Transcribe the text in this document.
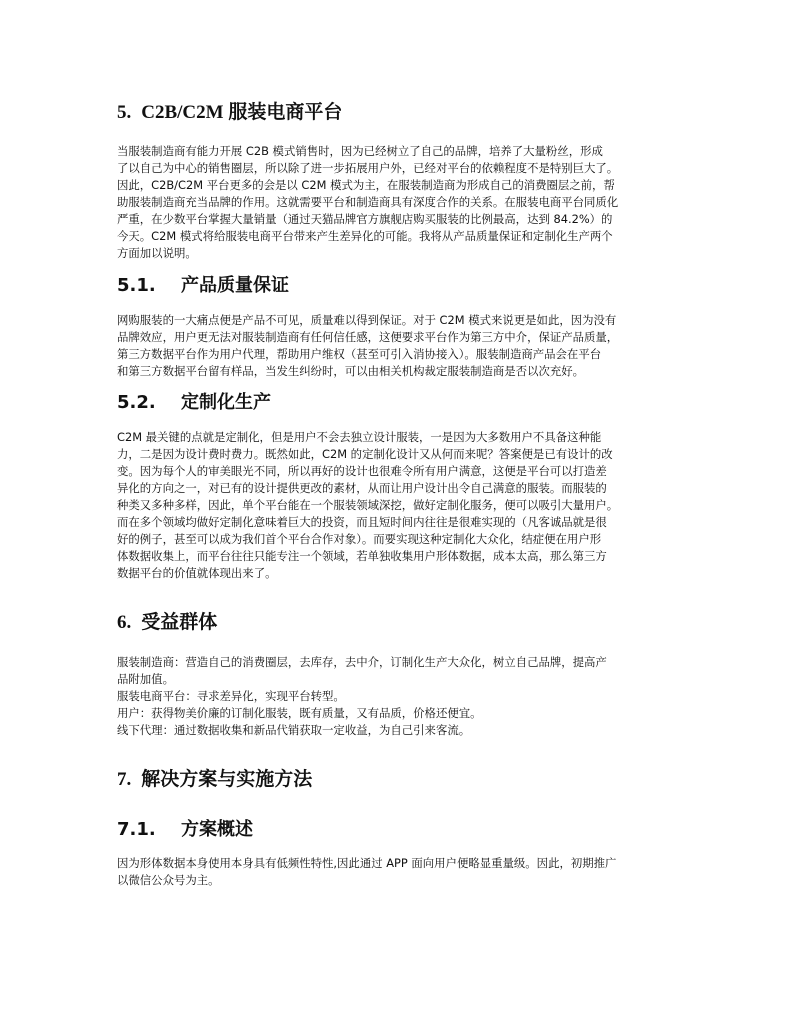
5. C2B/C2M 服装电商平台
当服装制造商有能力开展 C2B 模式销售时，因为已经树立了自己的品牌，培养了大量粉丝，形成
了以自己为中心的销售圈层，所以除了进一步拓展用户外，已经对平台的依赖程度不是特别巨大了。
因此，C2B/C2M 平台更多的会是以 C2M 模式为主，在服装制造商为形成自己的消费圈层之前，帮
助服装制造商充当品牌的作用。这就需要平台和制造商具有深度合作的关系。在服装电商平台同质化
严重，在少数平台掌握大量销量（通过天猫品牌官方旗舰店购买服装的比例最高，达到 84.2%）的
今天。C2M 模式将给服装电商平台带来产生差异化的可能。我将从产品质量保证和定制化生产两个
方面加以说明。
5.1. 产品质量保证
网购服装的一大痛点便是产品不可见，质量难以得到保证。对于 C2M 模式来说更是如此，因为没有
品牌效应，用户更无法对服装制造商有任何信任感，这便要求平台作为第三方中介，保证产品质量，
第三方数据平台作为用户代理，帮助用户维权（甚至可引入消协接入）。服装制造商产品会在平台
和第三方数据平台留有样品，当发生纠纷时，可以由相关机构裁定服装制造商是否以次充好。
5.2. 定制化生产
C2M 最关键的点就是定制化，但是用户不会去独立设计服装，一是因为大多数用户不具备这种能
力，二是因为设计费时费力。既然如此，C2M 的定制化设计又从何而来呢？答案便是已有设计的改
变。因为每个人的审美眼光不同，所以再好的设计也很难令所有用户满意，这便是平台可以打造差
异化的方向之一，对已有的设计提供更改的素材，从而让用户设计出令自己满意的服装。而服装的
种类又多种多样，因此，单个平台能在一个服装领域深挖，做好定制化服务，便可以吸引大量用户。
而在多个领域均做好定制化意味着巨大的投资，而且短时间内往往是很难实现的（凡客诚品就是很
好的例子，甚至可以成为我们首个平台合作对象）。而要实现这种定制化大众化，结症便在用户形
体数据收集上，而平台往往只能专注一个领域，若单独收集用户形体数据，成本太高，那么第三方
数据平台的价值就体现出来了。
6. 受益群体
服装制造商：营造自己的消费圈层，去库存，去中介，订制化生产大众化，树立自己品牌，提高产
品附加值。
服装电商平台：寻求差异化，实现平台转型。
用户：获得物美价廉的订制化服装，既有质量，又有品质，价格还便宜。
线下代理：通过数据收集和新品代销获取一定收益，为自己引来客流。
7. 解决方案与实施方法
7.1. 方案概述
因为形体数据本身使用本身具有低频性特性,因此通过 APP 面向用户便略显重量级。因此，初期推广
以微信公众号为主。
